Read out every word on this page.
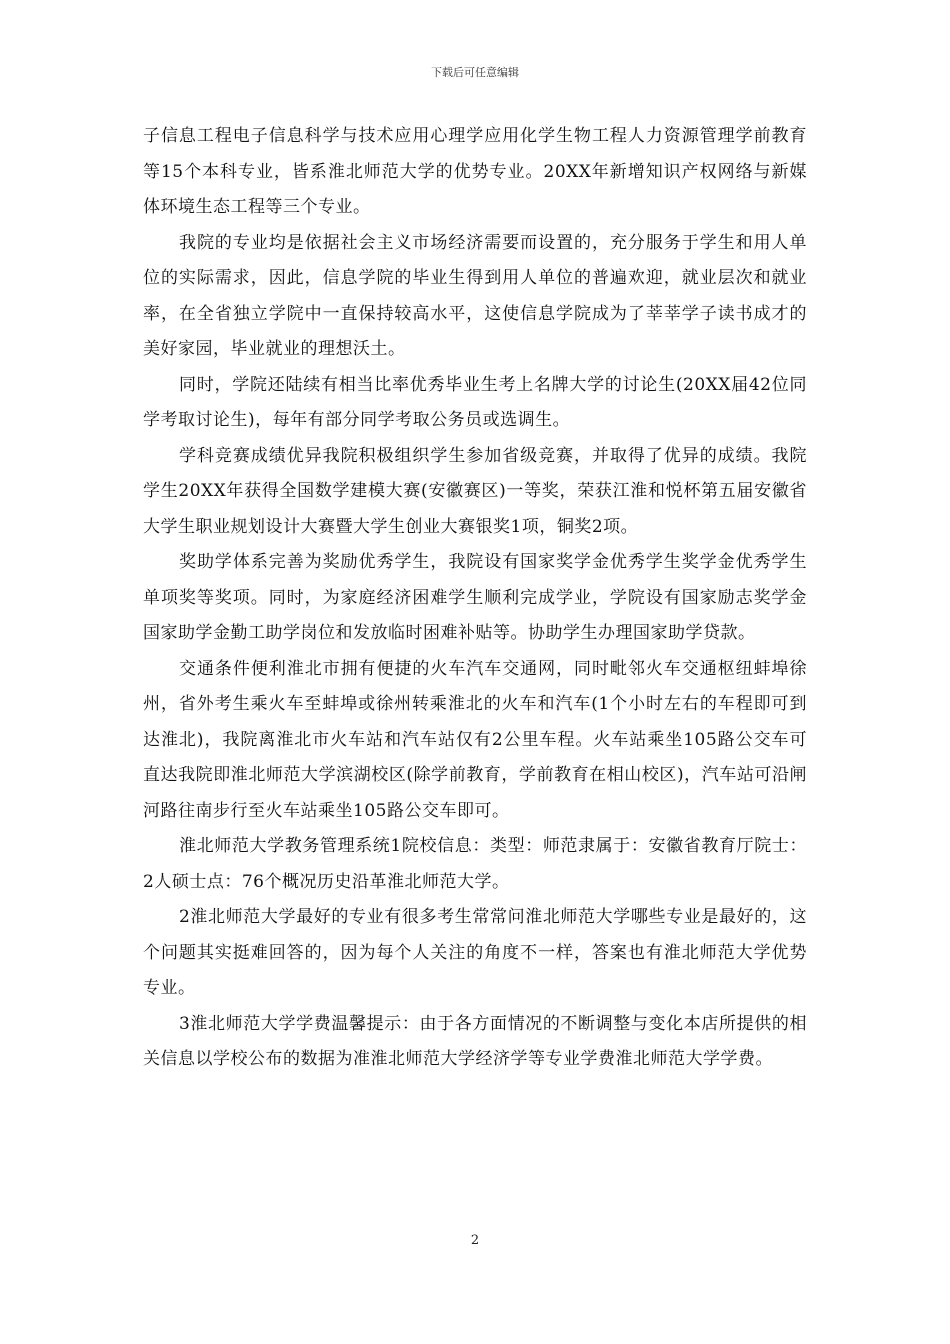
下载后可任意编辑

子信息工程电子信息科学与技术应用心理学应用化学生物工程人力资源管理学前教育等15个本科专业，皆系淮北师范大学的优势专业。20XX年新增知识产权网络与新媒体环境生态工程等三个专业。

我院的专业均是依据社会主义市场经济需要而设置的，充分服务于学生和用人单位的实际需求，因此，信息学院的毕业生得到用人单位的普遍欢迎，就业层次和就业率，在全省独立学院中一直保持较高水平，这使信息学院成为了莘莘学子读书成才的美好家园，毕业就业的理想沃土。

同时，学院还陆续有相当比率优秀毕业生考上名牌大学的讨论生(20XX届42位同学考取讨论生)，每年有部分同学考取公务员或选调生。

学科竞赛成绩优异我院积极组织学生参加省级竞赛，并取得了优异的成绩。我院学生20XX年获得全国数学建模大赛(安徽赛区)一等奖，荣获江淮和悦杯第五届安徽省大学生职业规划设计大赛暨大学生创业大赛银奖1项，铜奖2项。

奖助学体系完善为奖励优秀学生，我院设有国家奖学金优秀学生奖学金优秀学生单项奖等奖项。同时，为家庭经济困难学生顺利完成学业，学院设有国家励志奖学金国家助学金勤工助学岗位和发放临时困难补贴等。协助学生办理国家助学贷款。

交通条件便利淮北市拥有便捷的火车汽车交通网，同时毗邻火车交通枢纽蚌埠徐州，省外考生乘火车至蚌埠或徐州转乘淮北的火车和汽车(1个小时左右的车程即可到达淮北)，我院离淮北市火车站和汽车站仅有2公里车程。火车站乘坐105路公交车可直达我院即淮北师范大学滨湖校区(除学前教育，学前教育在相山校区)，汽车站可沿闸河路往南步行至火车站乘坐105路公交车即可。

淮北师范大学教务管理系统1院校信息：类型：师范隶属于：安徽省教育厅院士：2人硕士点：76个概况历史沿革淮北师范大学。

2淮北师范大学最好的专业有很多考生常常问淮北师范大学哪些专业是最好的，这个问题其实挺难回答的，因为每个人关注的角度不一样，答案也有淮北师范大学优势专业。

3淮北师范大学学费温馨提示：由于各方面情况的不断调整与变化本店所提供的相关信息以学校公布的数据为准淮北师范大学经济学等专业学费淮北师范大学学费。

2
